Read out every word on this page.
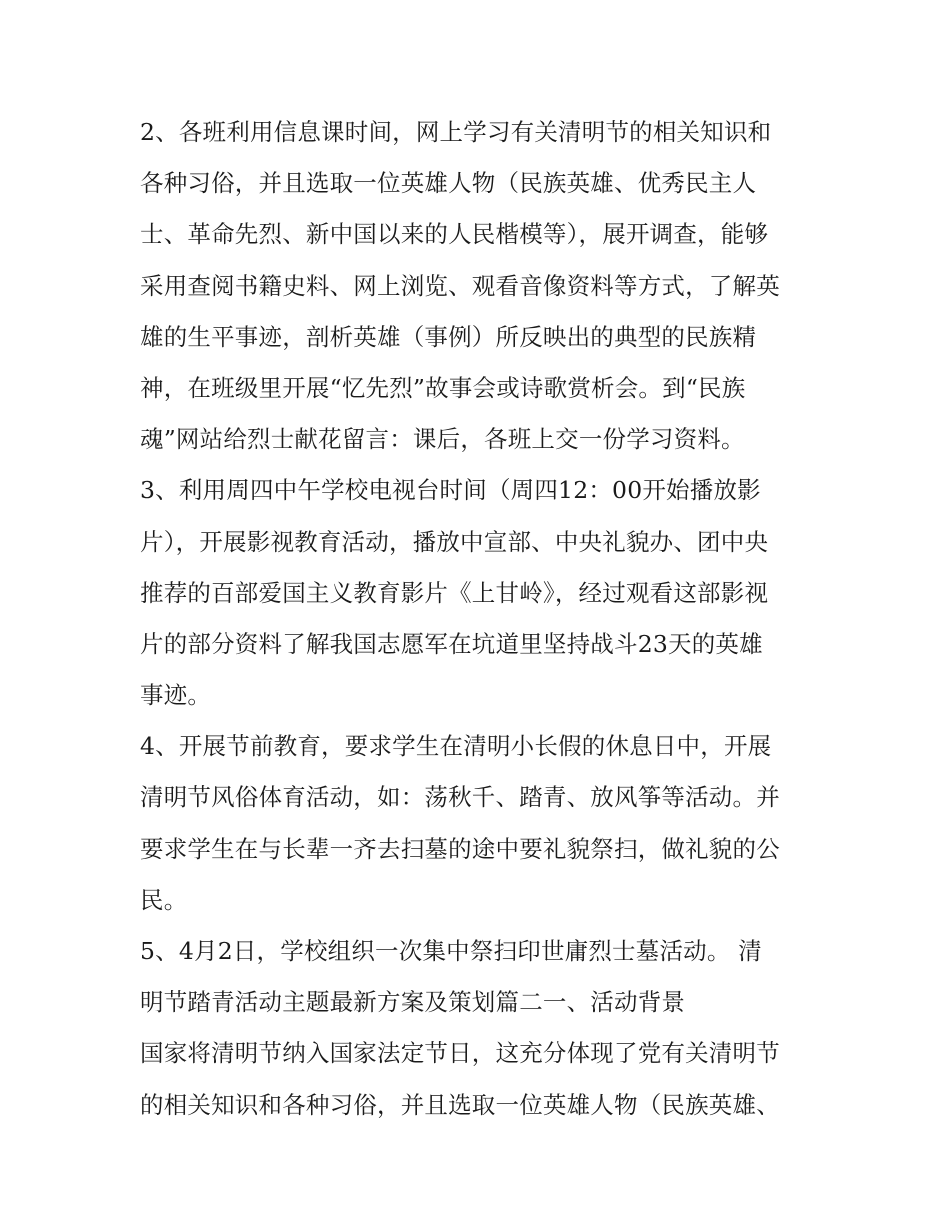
2、各班利用信息课时间，网上学习有关清明节的相关知识和
各种习俗，并且选取一位英雄人物（民族英雄、优秀民主人
士、革命先烈、新中国以来的人民楷模等），展开调查，能够
采用查阅书籍史料、网上浏览、观看音像资料等方式，了解英
雄的生平事迹，剖析英雄（事例）所反映出的典型的民族精
神，在班级里开展“忆先烈”故事会或诗歌赏析会。到“民族
魂”网站给烈士献花留言：课后，各班上交一份学习资料。
3、利用周四中午学校电视台时间（周四12：00开始播放影
片），开展影视教育活动，播放中宣部、中央礼貌办、团中央
推荐的百部爱国主义教育影片《上甘岭》，经过观看这部影视
片的部分资料了解我国志愿军在坑道里坚持战斗23天的英雄
事迹。
4、开展节前教育，要求学生在清明小长假的休息日中，开展
清明节风俗体育活动，如：荡秋千、踏青、放风筝等活动。并
要求学生在与长辈一齐去扫墓的途中要礼貌祭扫，做礼貌的公
民。
5、4月2日，学校组织一次集中祭扫印世庸烈士墓活动。 清
明节踏青活动主题最新方案及策划篇二一、活动背景
国家将清明节纳入国家法定节日，这充分体现了党有关清明节
的相关知识和各种习俗，并且选取一位英雄人物（民族英雄、
